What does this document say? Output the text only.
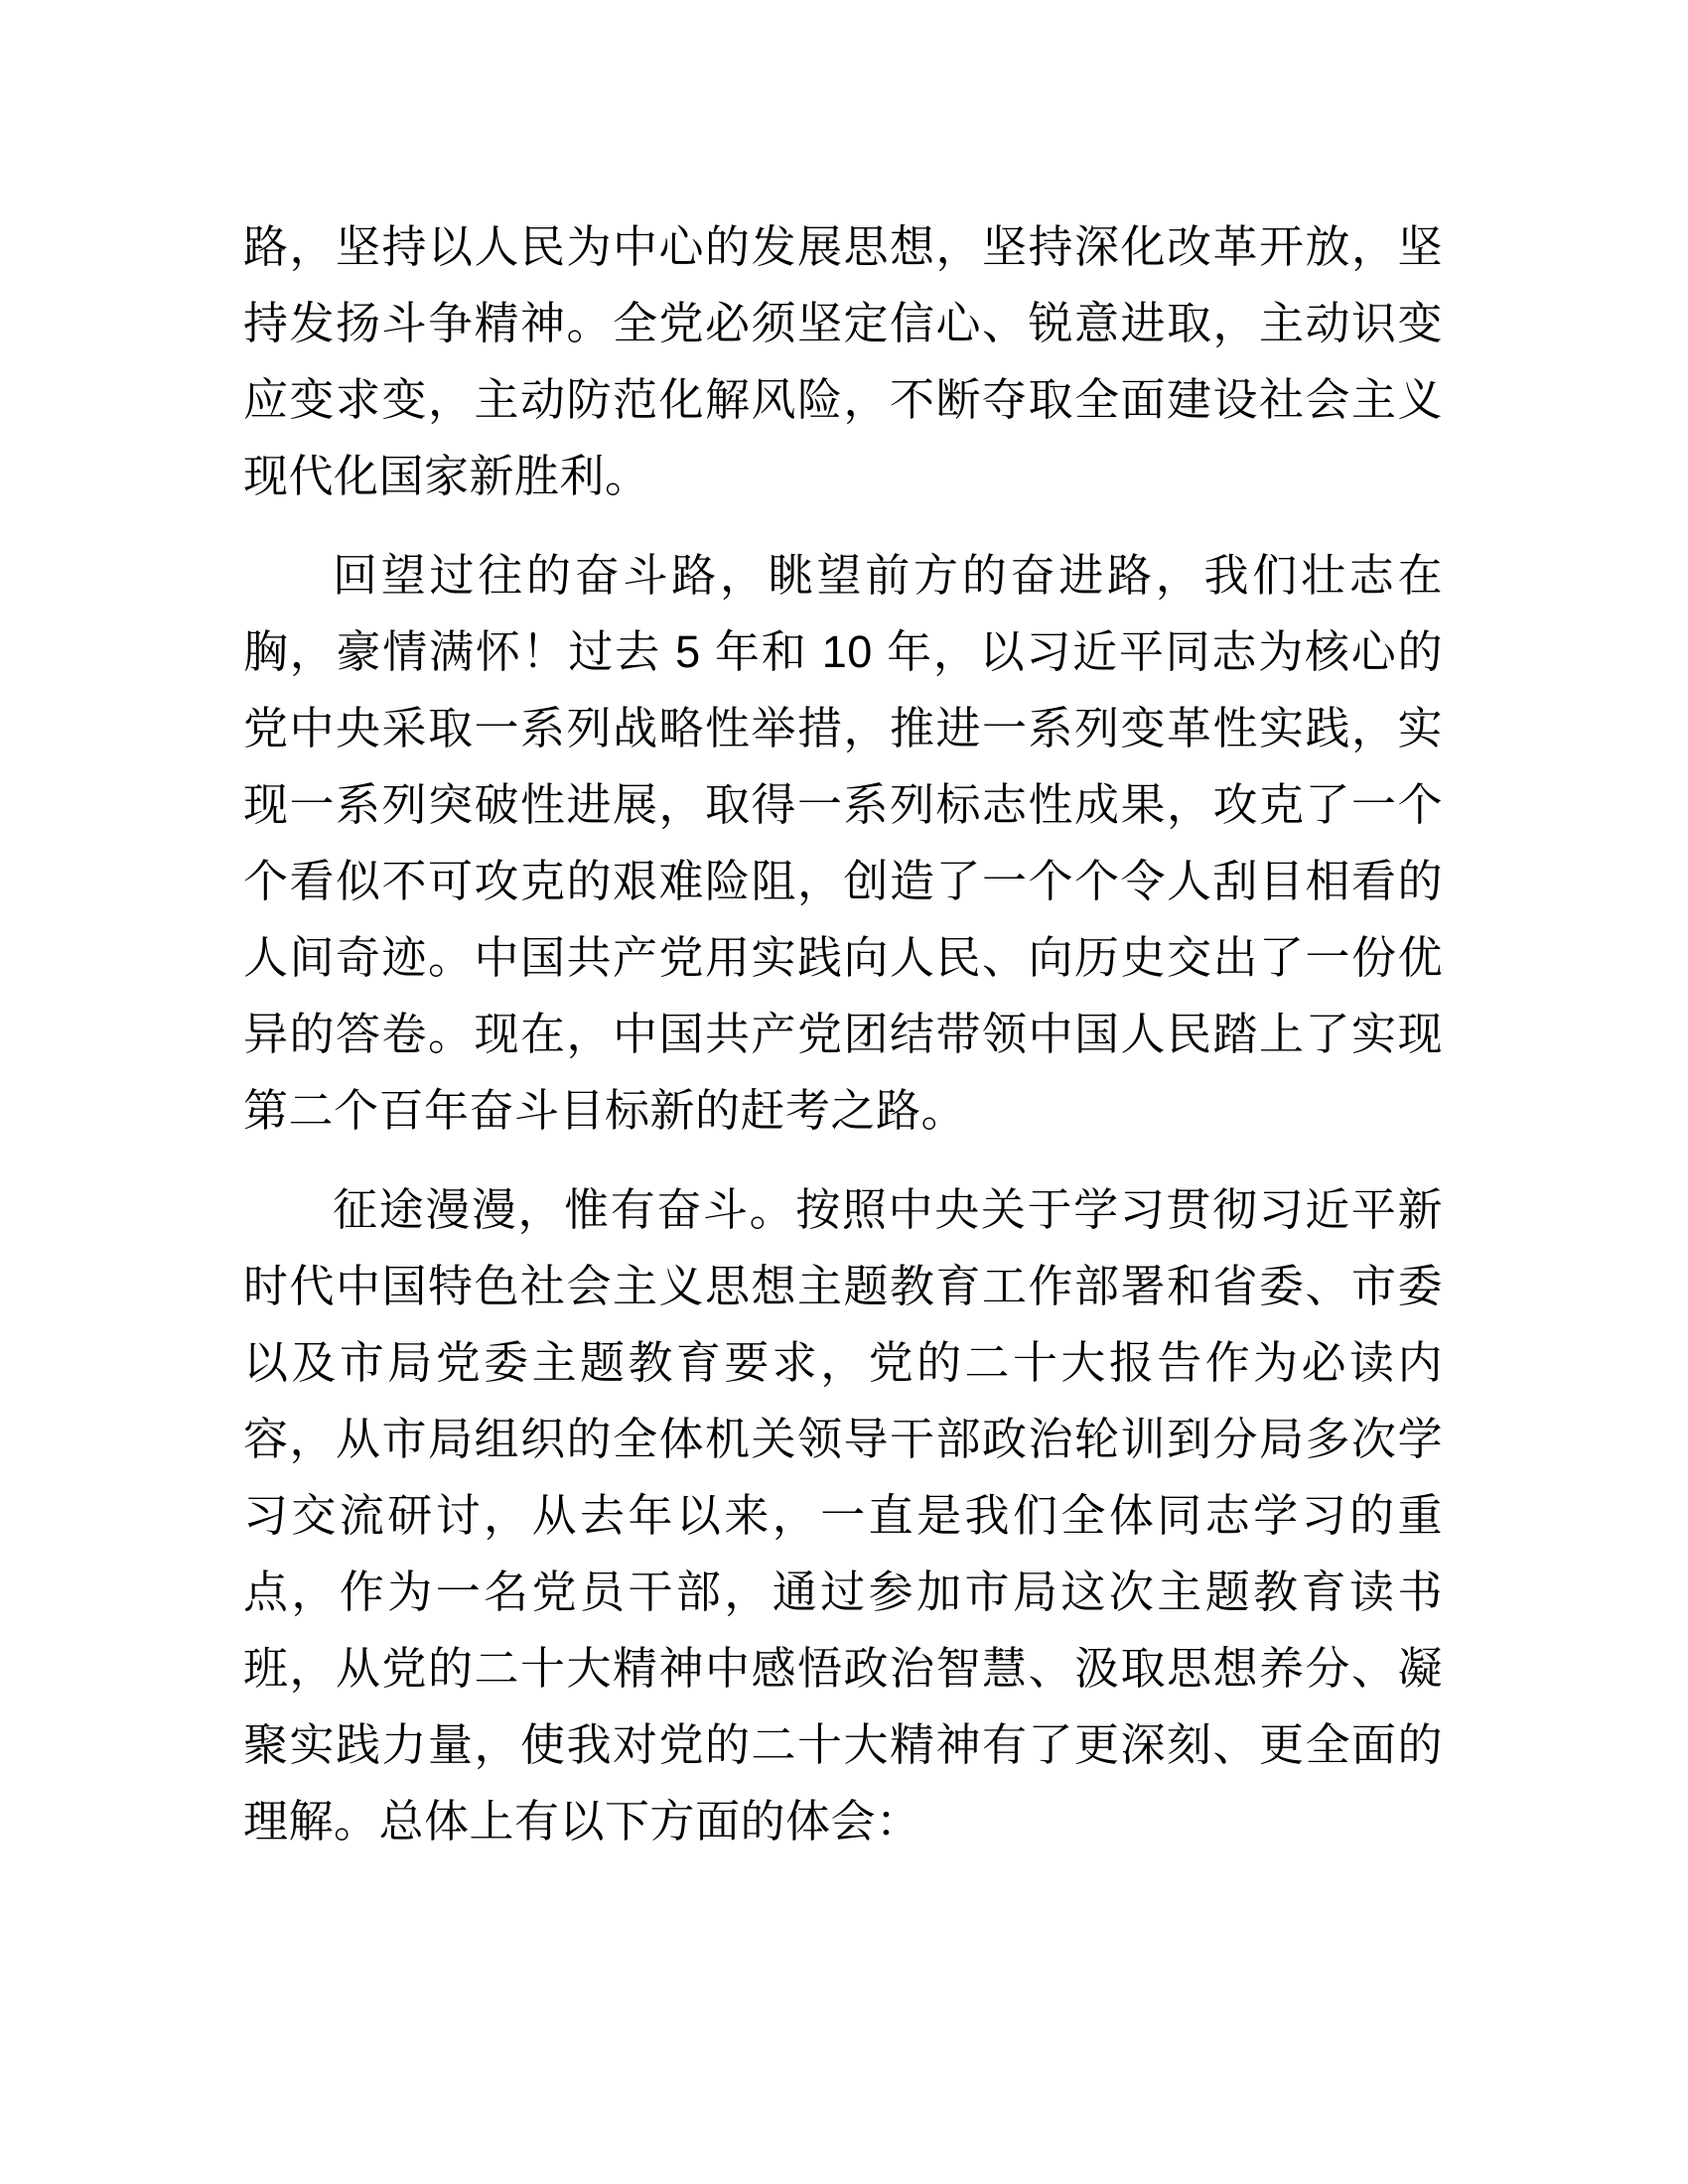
路，坚持以人民为中心的发展思想，坚持深化改革开放，坚持发扬斗争精神。全党必须坚定信心、锐意进取，主动识变应变求变，主动防范化解风险，不断夺取全面建设社会主义现代化国家新胜利。

回望过往的奋斗路，眺望前方的奋进路，我们壮志在胸，豪情满怀！过去 5 年和 10 年，以习近平同志为核心的党中央采取一系列战略性举措，推进一系列变革性实践，实现一系列突破性进展，取得一系列标志性成果，攻克了一个个看似不可攻克的艰难险阻，创造了一个个令人刮目相看的人间奇迹。中国共产党用实践向人民、向历史交出了一份优异的答卷。现在，中国共产党团结带领中国人民踏上了实现第二个百年奋斗目标新的赶考之路。

征途漫漫，惟有奋斗。按照中央关于学习贯彻习近平新时代中国特色社会主义思想主题教育工作部署和省委、市委以及市局党委主题教育要求，党的二十大报告作为必读内容，从市局组织的全体机关领导干部政治轮训到分局多次学习交流研讨，从去年以来，一直是我们全体同志学习的重点，作为一名党员干部，通过参加市局这次主题教育读书班，从党的二十大精神中感悟政治智慧、汲取思想养分、凝聚实践力量，使我对党的二十大精神有了更深刻、更全面的理解。总体上有以下方面的体会：
